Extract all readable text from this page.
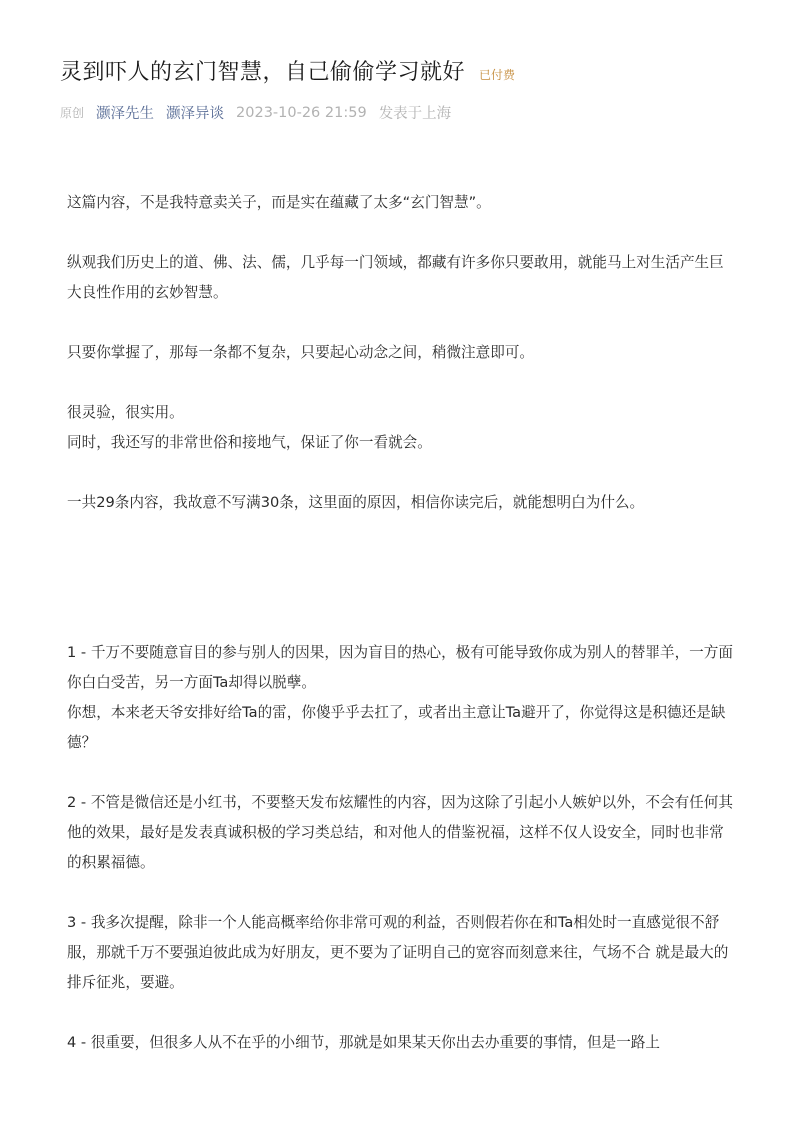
灵到吓人的玄门智慧，自己偷偷学习就好 已付费
原创 灏泽先生 灏泽异谈 2023-10-26 21:59 发表于上海

这篇内容，不是我特意卖关子，而是实在蕴藏了太多“玄门智慧”。

纵观我们历史上的道、佛、法、儒，几乎每一门领域，都藏有许多你只要敢用，就能马上对生活产生巨大良性作用的玄妙智慧。

只要你掌握了，那每一条都不复杂，只要起心动念之间，稍微注意即可。

很灵验，很实用。

同时，我还写的非常世俗和接地气，保证了你一看就会。

一共29条内容，我故意不写满30条，这里面的原因，相信你读完后，就能想明白为什么。

1 - 千万不要随意盲目的参与别人的因果，因为盲目的热心，极有可能导致你成为别人的替罪羊，一方面你白白受苦，另一方面Ta却得以脱孽。

你想，本来老天爷安排好给Ta的雷，你傻乎乎去扛了，或者出主意让Ta避开了，你觉得这是积德还是缺德？

2 - 不管是微信还是小红书，不要整天发布炫耀性的内容，因为这除了引起小人嫉妒以外，不会有任何其他的效果，最好是发表真诚积极的学习类总结，和对他人的借鉴祝福，这样不仅人设安全，同时也非常的积累福德。

3 - 我多次提醒，除非一个人能高概率给你非常可观的利益，否则假若你在和Ta相处时一直感觉很不舒服，那就千万不要强迫彼此成为好朋友，更不要为了证明自己的宽容而刻意来往，气场不合 就是最大的排斥征兆，要避。

4 - 很重要，但很多人从不在乎的小细节，那就是如果某天你出去办重要的事情，但是一路上
